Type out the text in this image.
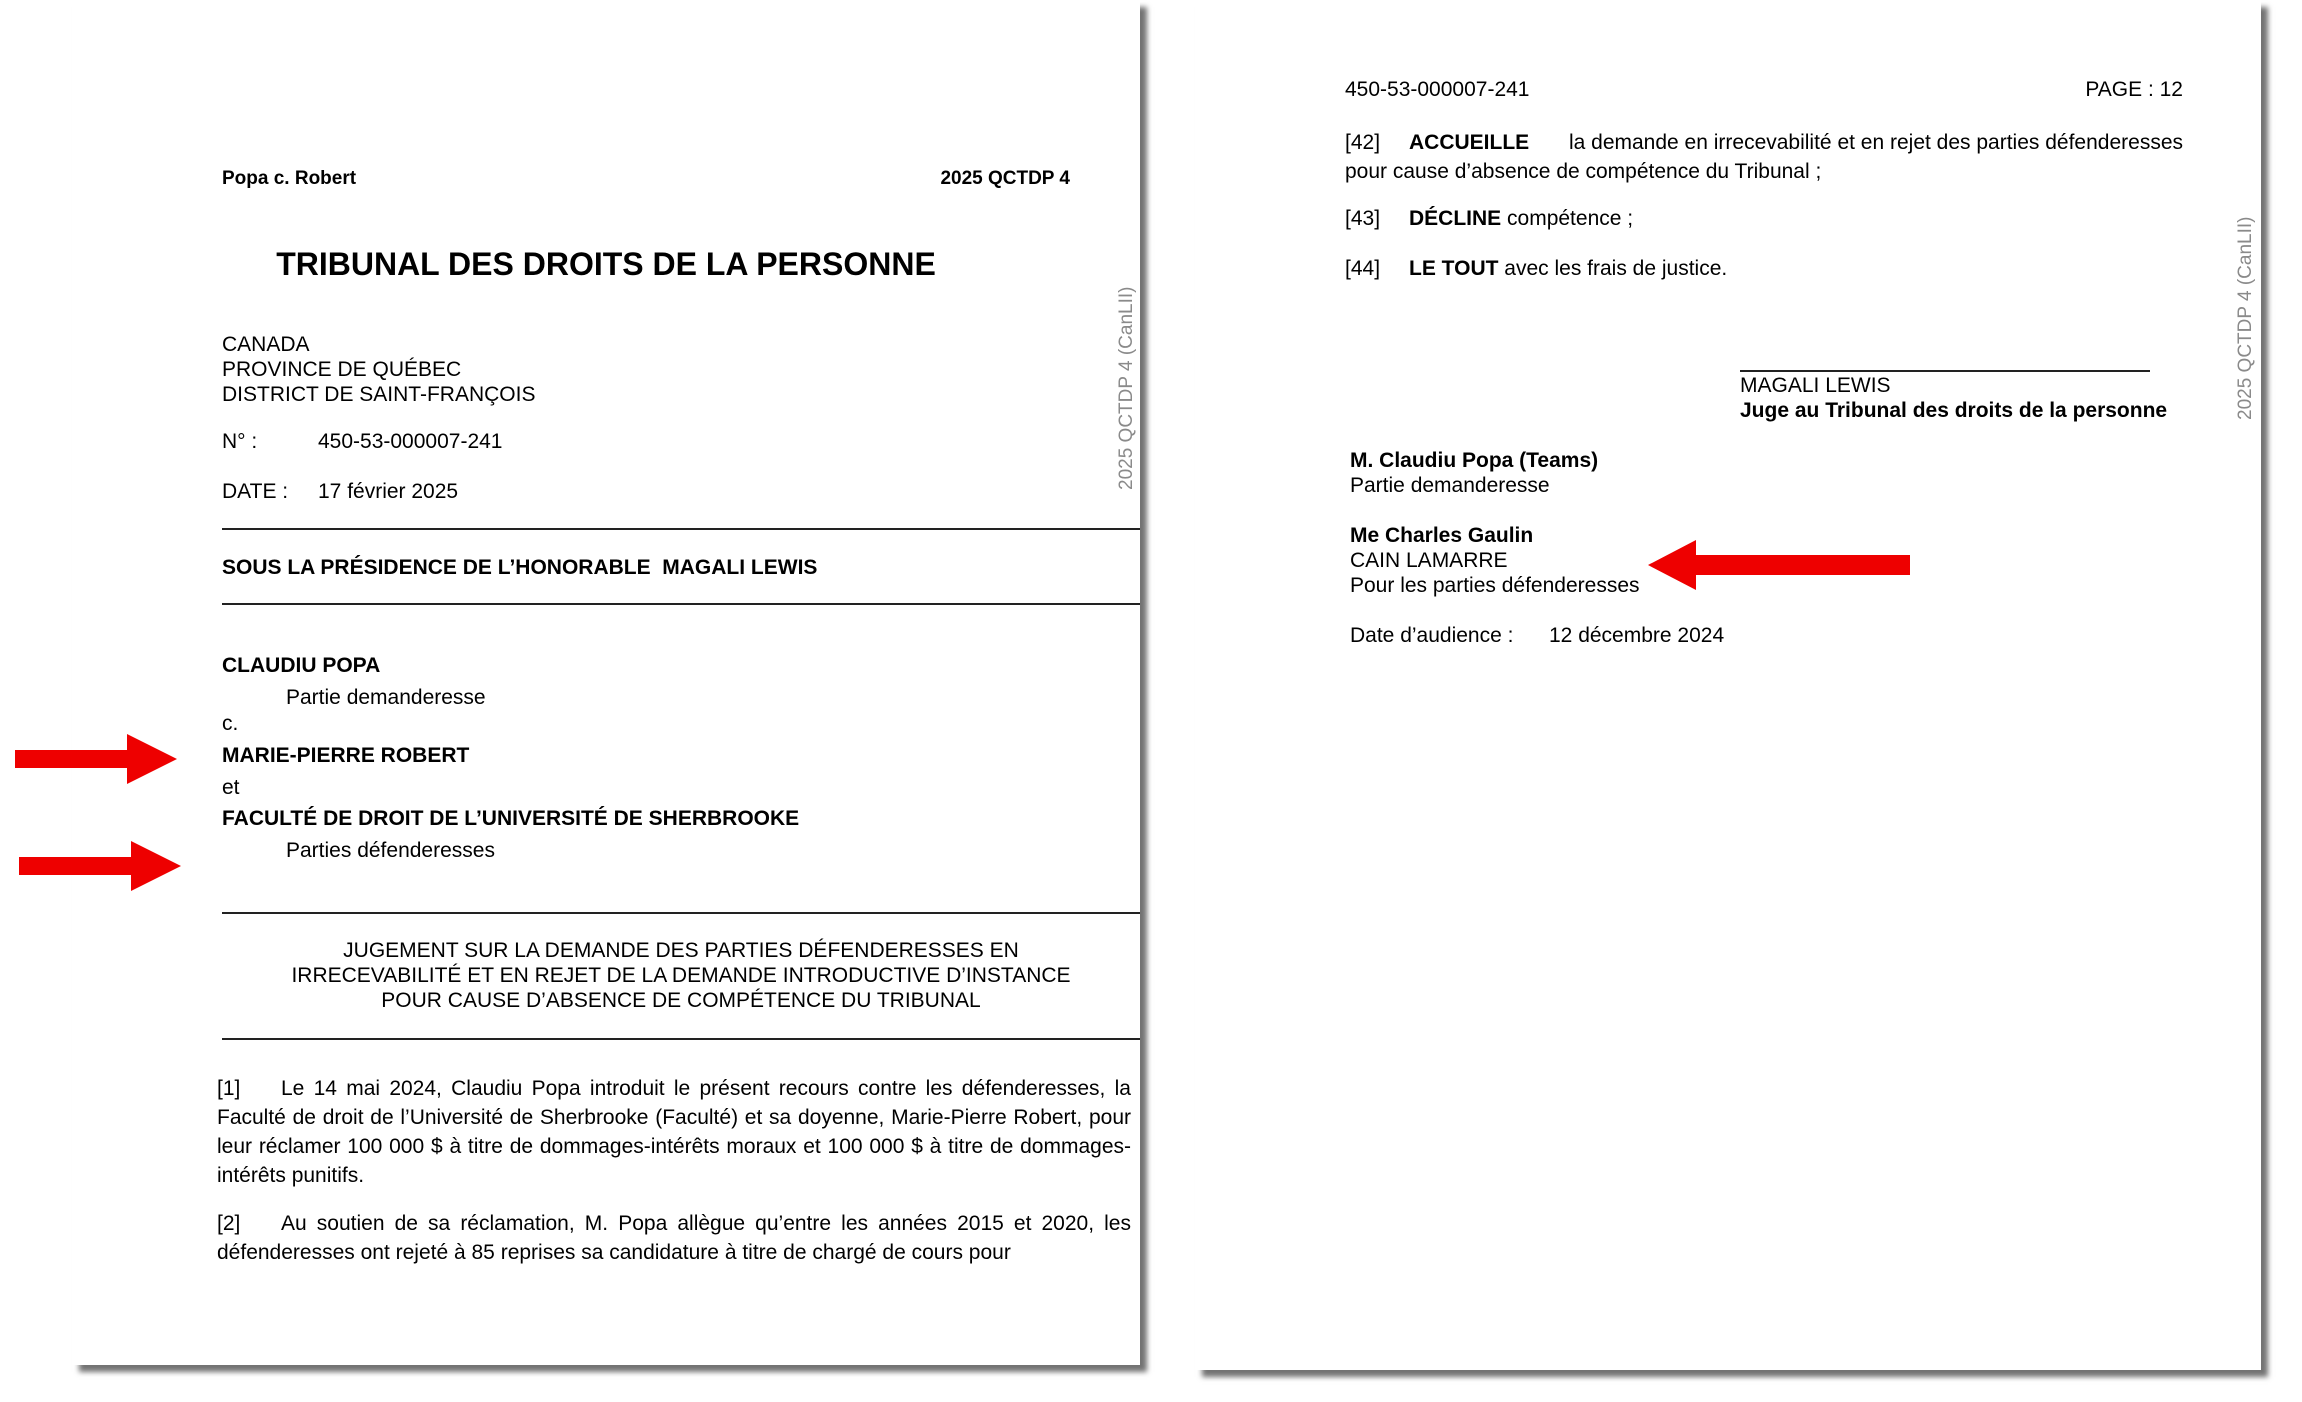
Popa c. Robert	2025 QCTDP 4
TRIBUNAL DES DROITS DE LA PERSONNE
CANADA
PROVINCE DE QUÉBEC
DISTRICT DE SAINT-FRANÇOIS
N° :	450-53-000007-241
DATE : 17 février 2025
SOUS LA PRÉSIDENCE DE L’HONORABLE  MAGALI LEWIS
CLAUDIU POPA
Partie demanderesse
c.
MARIE-PIERRE ROBERT
et
FACULTÉ DE DROIT DE L’UNIVERSITÉ DE SHERBROOKE
Parties défenderesses
JUGEMENT SUR LA DEMANDE DES PARTIES DÉFENDERESSES EN
IRRECEVABILITÉ ET EN REJET DE LA DEMANDE INTRODUCTIVE D’INSTANCE
POUR CAUSE D’ABSENCE DE COMPÉTENCE DU TRIBUNAL
[1] Le 14 mai 2024, Claudiu Popa introduit le présent recours contre les défenderesses, la Faculté de droit de l’Université de Sherbrooke (Faculté) et sa doyenne, Marie-Pierre Robert, pour leur réclamer 100 000 $ à titre de dommages-intérêts moraux et 100 000 $ à titre de dommages-intérêts punitifs.
[2] Au soutien de sa réclamation, M. Popa allègue qu’entre les années 2015 et 2020, les défenderesses ont rejeté à 85 reprises sa candidature à titre de chargé de cours pour
2025 QCTDP 4 (CanLII)
450-53-000007-241	PAGE : 12
[42] ACCUEILLE	la demande en irrecevabilité et en rejet des parties défenderesses
pour cause d’absence de compétence du Tribunal ;
[43] DÉCLINE compétence ;
[44] LE TOUT avec les frais de justice.
MAGALI LEWIS
Juge au Tribunal des droits de la personne
M. Claudiu Popa (Teams)
Partie demanderesse
Me Charles Gaulin
CAIN LAMARRE
Pour les parties défenderesses
Date d’audience : 12 décembre 2024
2025 QCTDP 4 (CanLII)
